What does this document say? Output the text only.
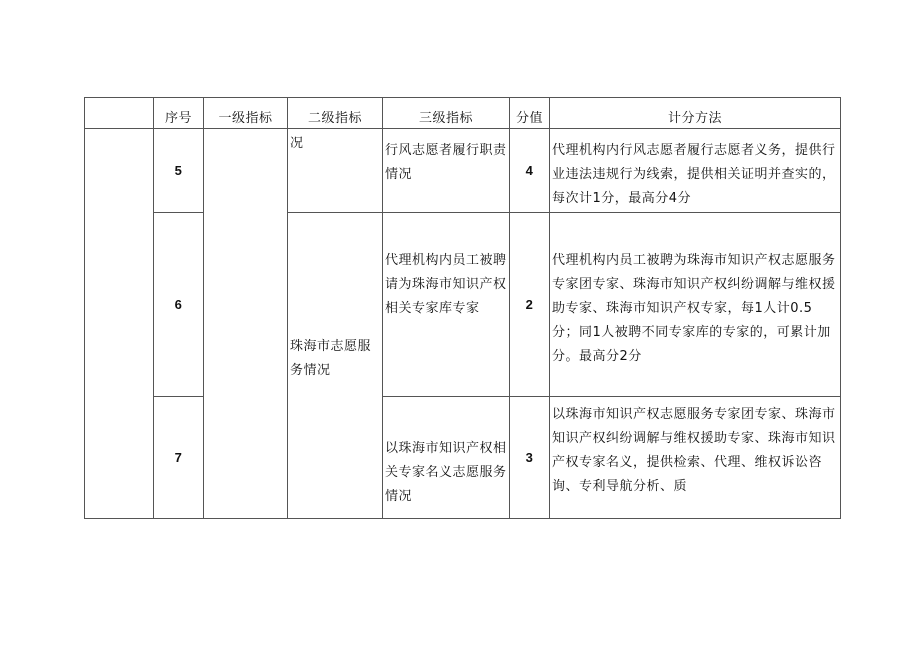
	序号	一级指标	二级指标	三级指标	分值	计分方法
	5		况	行风志愿者履行职责情况	4	代理机构内行风志愿者履行志愿者义务，提供行业违法违规行为线索，提供相关证明并查实的，每次计1分，最高分4分
	6		珠海市志愿服务情况	代理机构内员工被聘请为珠海市知识产权相关专家库专家	2	代理机构内员工被聘为珠海市知识产权志愿服务专家团专家、珠海市知识产权纠纷调解与维权援助专家、珠海市知识产权专家，每1人计0.5分；同1人被聘不同专家库的专家的，可累计加分。最高分2分
	7			以珠海市知识产权相关专家名义志愿服务情况	3	以珠海市知识产权志愿服务专家团专家、珠海市知识产权纠纷调解与维权援助专家、珠海市知识产权专家名义，提供检索、代理、维权诉讼咨询、专利导航分析、质
